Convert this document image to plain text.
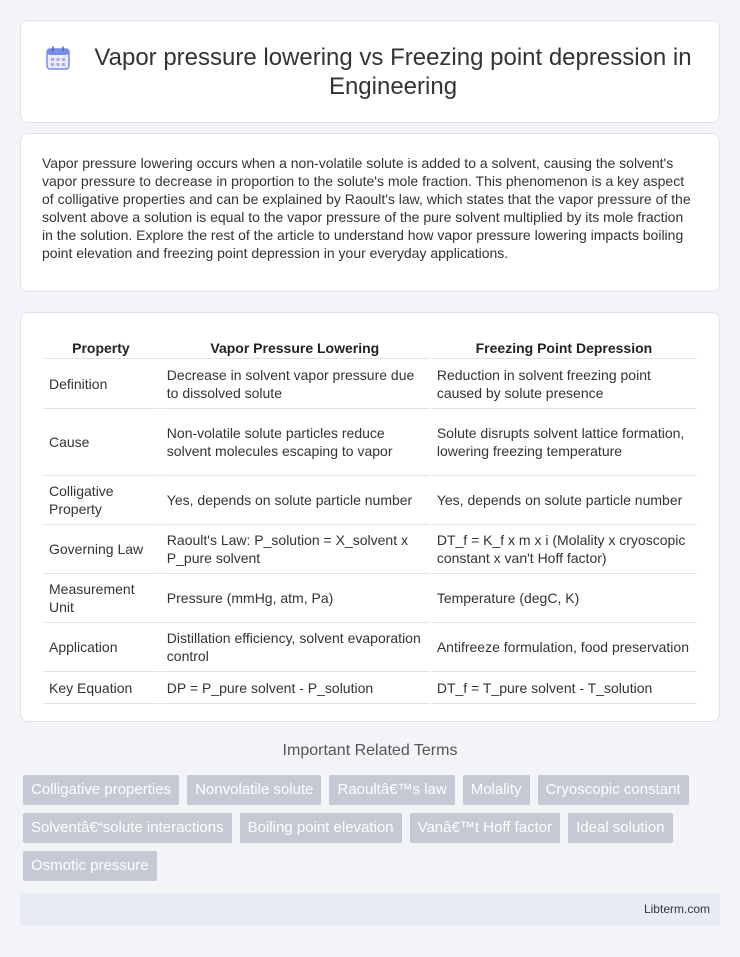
Vapor pressure lowering vs Freezing point depression in Engineering

Vapor pressure lowering occurs when a non-volatile solute is added to a solvent, causing the solvent's vapor pressure to decrease in proportion to the solute's mole fraction. This phenomenon is a key aspect of colligative properties and can be explained by Raoult's law, which states that the vapor pressure of the solvent above a solution is equal to the vapor pressure of the pure solvent multiplied by its mole fraction in the solution. Explore the rest of the article to understand how vapor pressure lowering impacts boiling point elevation and freezing point depression in your everyday applications.

Property	Vapor Pressure Lowering	Freezing Point Depression
Definition	Decrease in solvent vapor pressure due to dissolved solute	Reduction in solvent freezing point caused by solute presence
Cause	Non-volatile solute particles reduce solvent molecules escaping to vapor	Solute disrupts solvent lattice formation, lowering freezing temperature
Colligative Property	Yes, depends on solute particle number	Yes, depends on solute particle number
Governing Law	Raoult's Law: P_solution = X_solvent x P_pure solvent	DT_f = K_f x m x i (Molality x cryoscopic constant x van't Hoff factor)
Measurement Unit	Pressure (mmHg, atm, Pa)	Temperature (degC, K)
Application	Distillation efficiency, solvent evaporation control	Antifreeze formulation, food preservation
Key Equation	DP = P_pure solvent - P_solution	DT_f = T_pure solvent - T_solution
Important Related Terms
Colligative properties	Nonvolatile solute	Raoultâ€™s law	Molality	Cryoscopic constant
Solventâ€“solute interactions	Boiling point elevation	Vanâ€™t Hoff factor	Ideal solution
Osmotic pressure
Libterm.com
